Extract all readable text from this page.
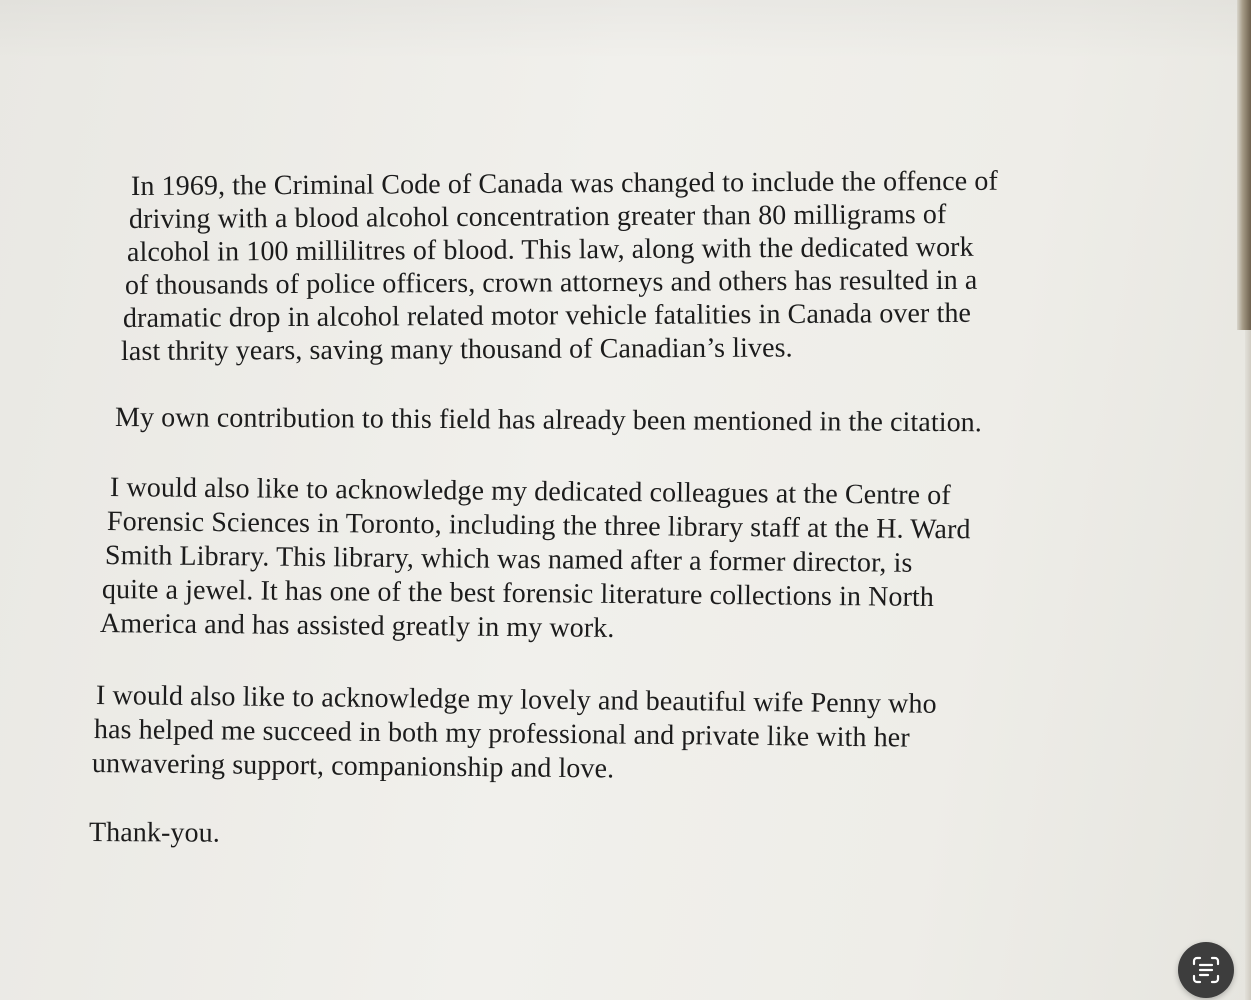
In 1969, the Criminal Code of Canada was changed to include the offence of
driving with a blood alcohol concentration greater than 80 milligrams of
alcohol in 100 millilitres of blood. This law, along with the dedicated work
of thousands of police officers, crown attorneys and others has resulted in a
dramatic drop in alcohol related motor vehicle fatalities in Canada over the
last thrity years, saving many thousand of Canadian’s lives.
My own contribution to this field has already been mentioned in the citation.
I would also like to acknowledge my dedicated colleagues at the Centre of
Forensic Sciences in Toronto, including the three library staff at the H. Ward
Smith Library. This library, which was named after a former director, is
quite a jewel. It has one of the best forensic literature collections in North
America and has assisted greatly in my work.
I would also like to acknowledge my lovely and beautiful wife Penny who
has helped me succeed in both my professional and private like with her
unwavering support, companionship and love.
Thank-you.
